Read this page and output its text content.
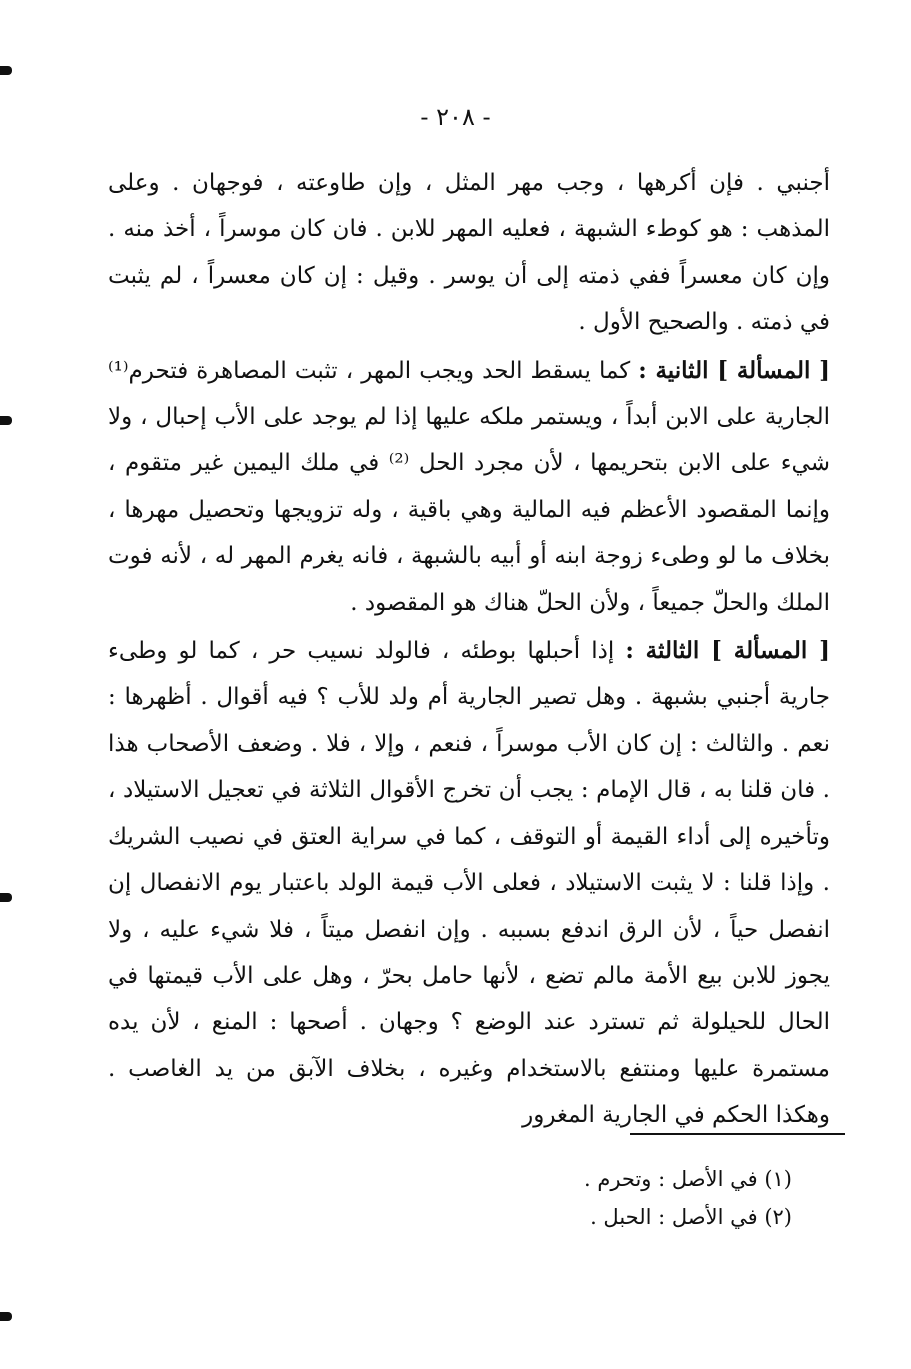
- ٢٠٨ -

أجنبي . فإن أكرهها ، وجب مهر المثل ، وإن طاوعته ، فوجهان . وعلى المذهب : هو كوطء الشبهة ، فعليه المهر للابن . فان كان موسراً ، أخذ منه . وإن كان معسراً ففي ذمته إلى أن يوسر . وقيل : إن كان معسراً ، لم يثبت في ذمته . والصحيح الأول .

[ المسألة ] الثانية : كما يسقط الحد ويجب المهر ، تثبت المصاهرة فتحرم⁽¹⁾ الجارية على الابن أبداً ، ويستمر ملكه عليها إذا لم يوجد على الأب إحبال ، ولا شيء على الابن بتحريمها ، لأن مجرد الحل ⁽²⁾ في ملك اليمين غير متقوم ، وإنما المقصود الأعظم فيه المالية وهي باقية ، وله تزويجها وتحصيل مهرها ، بخلاف ما لو وطىء زوجة ابنه أو أبيه بالشبهة ، فانه يغرم المهر له ، لأنه فوت الملك والحلّ جميعاً ، ولأن الحلّ هناك هو المقصود .

[ المسألة ] الثالثة : إذا أحبلها بوطئه ، فالولد نسيب حر ، كما لو وطىء جارية أجنبي بشبهة . وهل تصير الجارية أم ولد للأب ؟ فيه أقوال . أظهرها : نعم . والثالث : إن كان الأب موسراً ، فنعم ، وإلا ، فلا . وضعف الأصحاب هذا . فان قلنا به ، قال الإمام : يجب أن تخرج الأقوال الثلاثة في تعجيل الاستيلاد ، وتأخيره إلى أداء القيمة أو التوقف ، كما في سراية العتق في نصيب الشريك . وإذا قلنا : لا يثبت الاستيلاد ، فعلى الأب قيمة الولد باعتبار يوم الانفصال إن انفصل حياً ، لأن الرق اندفع بسببه . وإن انفصل ميتاً ، فلا شيء عليه ، ولا يجوز للابن بيع الأمة مالم تضع ، لأنها حامل بحرّ ، وهل على الأب قيمتها في الحال للحيلولة ثم تسترد عند الوضع ؟ وجهان . أصحها : المنع ، لأن يده مستمرة عليها ومنتفع بالاستخدام وغيره ، بخلاف الآبق من يد الغاصب . وهكذا الحكم في الجارية المغرور

(١) في الأصل : وتحرم .

(٢) في الأصل : الحبل .
